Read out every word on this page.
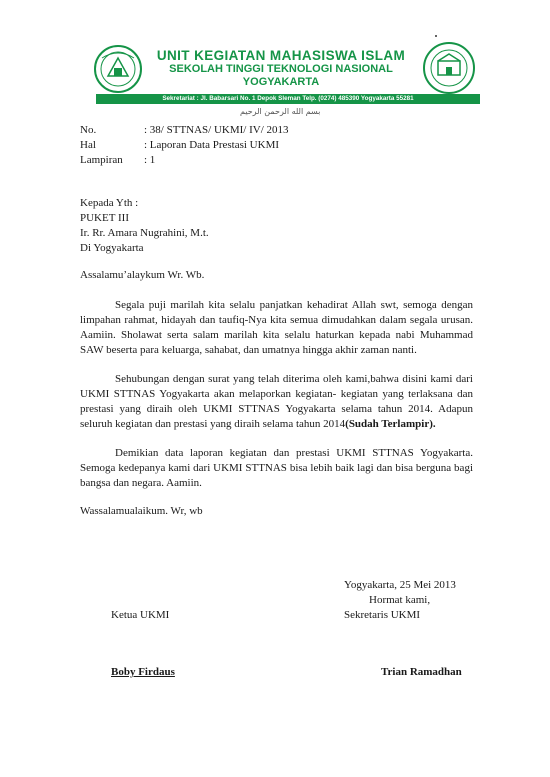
UNIT KEGIATAN MAHASISWA ISLAM
SEKOLAH TINGGI TEKNOLOGI NASIONAL
YOGYAKARTA
Sekretariat : Jl. Babarsari No. 1 Depok Sleman Telp. (0274) 485390 Yogyakarta 55281
بسم الله الرحمن الرحيم
No.	: 38/ STTNAS/ UKMI/ IV/ 2013
Hal	: Laporan Data Prestasi UKMI
Lampiran : 1
Kepada Yth :
PUKET III
Ir. Rr. Amara Nugrahini, M.t.
Di Yogyakarta
Assalamu’alaykum Wr. Wb.
Segala puji marilah kita selalu panjatkan kehadirat Allah swt, semoga dengan limpahan rahmat, hidayah dan taufiq-Nya kita semua dimudahkan dalam segala urusan. Aamiin. Sholawat serta salam marilah kita selalu haturkan kepada nabi Muhammad SAW beserta para keluarga, sahabat, dan umatnya hingga akhir zaman nanti.
Sehubungan dengan surat yang telah diterima oleh kami,bahwa disini kami dari UKMI STTNAS Yogyakarta akan melaporkan kegiatan- kegiatan yang terlaksana dan prestasi yang diraih oleh UKMI STTNAS Yogyakarta selama tahun 2014. Adapun seluruh kegiatan dan prestasi yang diraih selama tahun 2014(Sudah Terlampir).
Demikian data laporan kegiatan dan prestasi UKMI STTNAS Yogyakarta. Semoga kedepanya kami dari UKMI STTNAS bisa lebih baik lagi dan bisa berguna bagi bangsa dan negara. Aamiin.
Wassalamualaikum. Wr, wb
Yogyakarta, 25 Mei 2013
Hormat kami,
Ketua UKMI	Sekretaris UKMI
Boby Firdaus	Trian Ramadhan
